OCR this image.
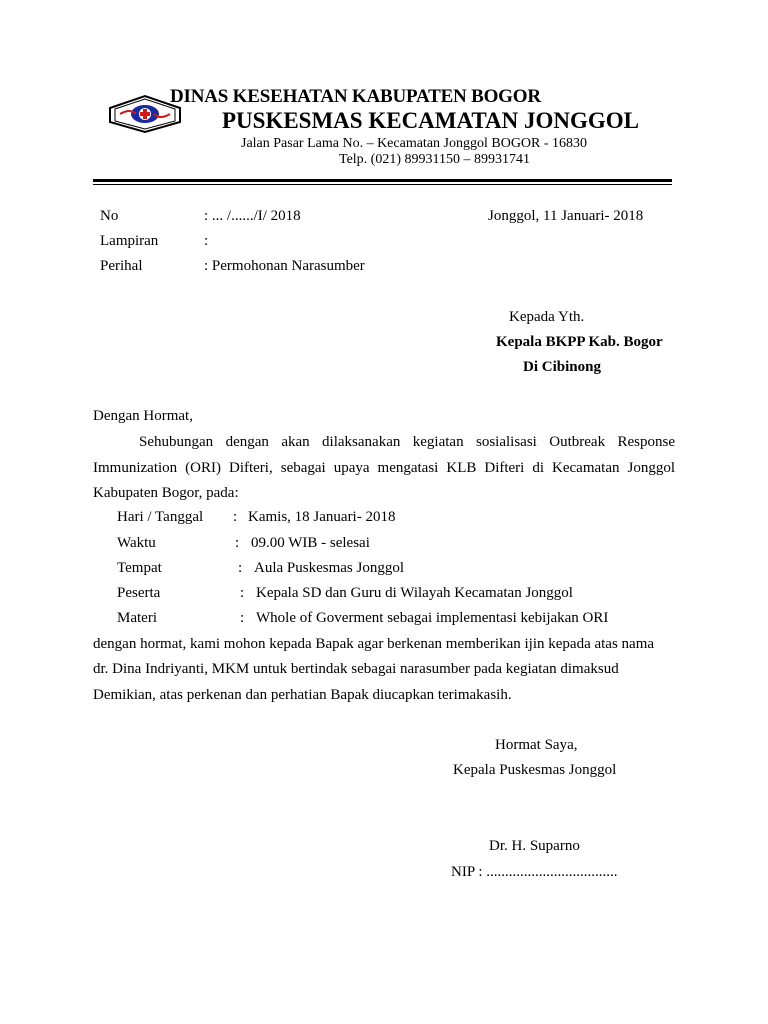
DINAS KESEHATAN KABUPATEN BOGOR
PUSKESMAS KECAMATAN JONGGOL
Jalan Pasar Lama No. – Kecamatan Jonggol BOGOR - 16830
Telp. (021) 89931150 – 89931741
No	: ... /....../I/ 2018	Jonggol, 11 Januari- 2018
Lampiran	:
Perihal	: Permohonan Narasumber
Kepada Yth.
Kepala BKPP Kab. Bogor
Di Cibinong
Dengan Hormat,
Sehubungan dengan akan dilaksanakan kegiatan sosialisasi Outbreak Response
Immunization (ORI) Difteri, sebagai upaya mengatasi KLB Difteri di Kecamatan Jonggol
Kabupaten Bogor, pada:
Hari / Tanggal : Kamis, 18 Januari- 2018
Waktu	: 09.00 WIB - selesai
Tempat	: Aula Puskesmas Jonggol
Peserta	: Kepala SD dan Guru di Wilayah Kecamatan Jonggol
Materi	: Whole of Goverment sebagai implementasi kebijakan ORI
dengan hormat, kami mohon kepada Bapak agar berkenan memberikan ijin kepada atas nama
dr. Dina Indriyanti, MKM untuk bertindak sebagai narasumber pada kegiatan dimaksud
Demikian, atas perkenan dan perhatian Bapak diucapkan terimakasih.
Hormat Saya,
Kepala Puskesmas Jonggol
Dr. H. Suparno
NIP : ...................................
